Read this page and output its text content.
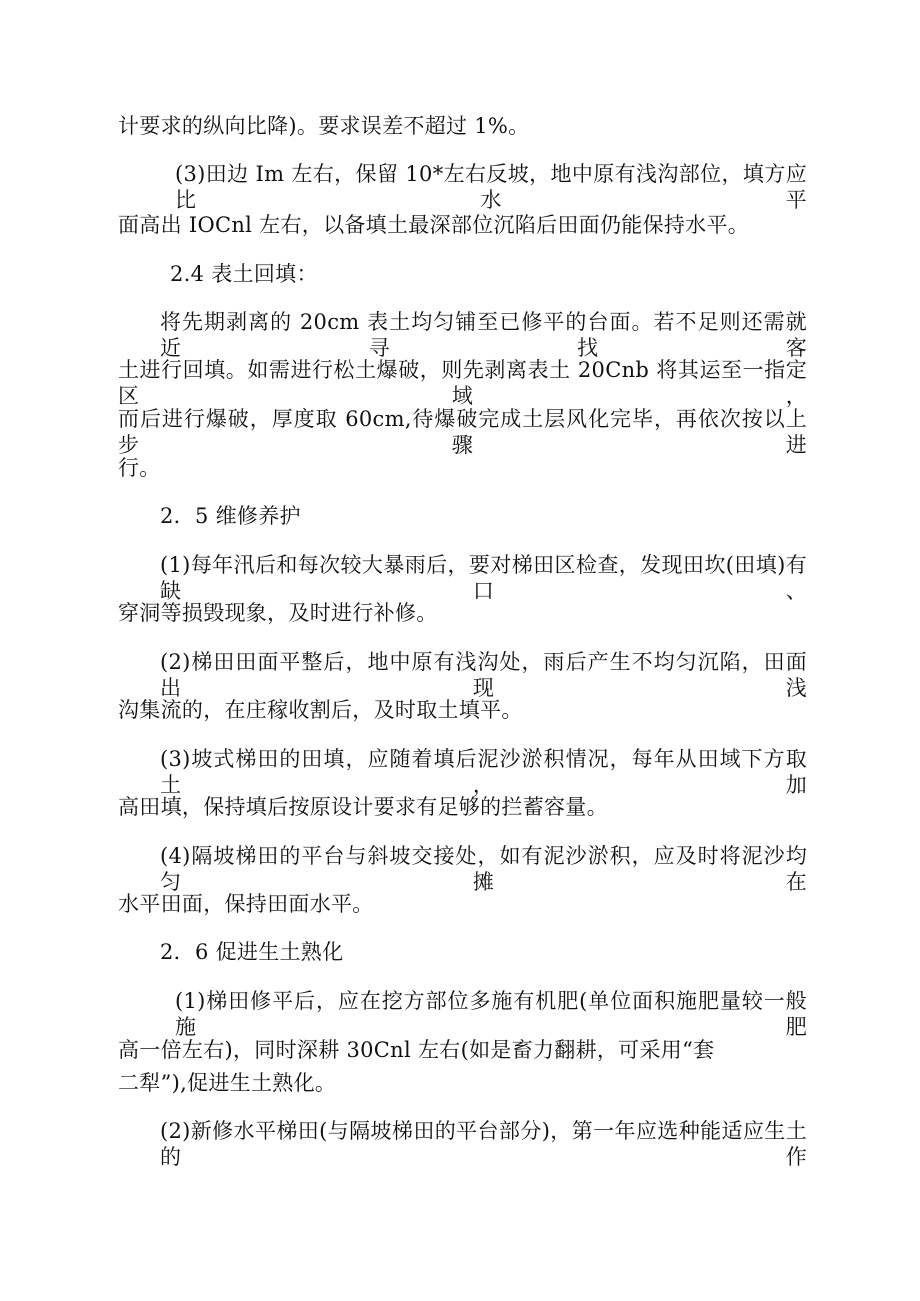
计要求的纵向比降)。要求误差不超过 1%。
(3)田边 Im 左右，保留 10*左右反坡，地中原有浅沟部位，填方应比水平
面高出 IOCnl 左右，以备填土最深部位沉陷后田面仍能保持水平。
2.4 表土回填：
将先期剥离的 20cm 表土均匀铺至已修平的台面。若不足则还需就近寻找客
土进行回填。如需进行松土爆破，则先剥离表土 20Cnb 将其运至一指定区域，
而后进行爆破，厚度取 60cm,待爆破完成土层风化完毕，再依次按以上步骤进
行。
2．5 维修养护
(1)每年汛后和每次较大暴雨后，要对梯田区检查，发现田坎(田填)有缺口、
穿洞等损毁现象，及时进行补修。
(2)梯田田面平整后，地中原有浅沟处，雨后产生不均匀沉陷，田面出现浅
沟集流的，在庄稼收割后，及时取土填平。
(3)坡式梯田的田填，应随着填后泥沙淤积情况，每年从田域下方取土，加
高田填，保持填后按原设计要求有足够的拦蓄容量。
(4)隔坡梯田的平台与斜坡交接处，如有泥沙淤积，应及时将泥沙均匀摊在
水平田面，保持田面水平。
2．6 促进生土熟化
(1)梯田修平后，应在挖方部位多施有机肥(单位面积施肥量较一般施肥
高一倍左右)，同时深耕 30Cnl 左右(如是畜力翻耕，可采用“套
二犁”),促进生土熟化。
(2)新修水平梯田(与隔坡梯田的平台部分)，第一年应选种能适应生土的作
